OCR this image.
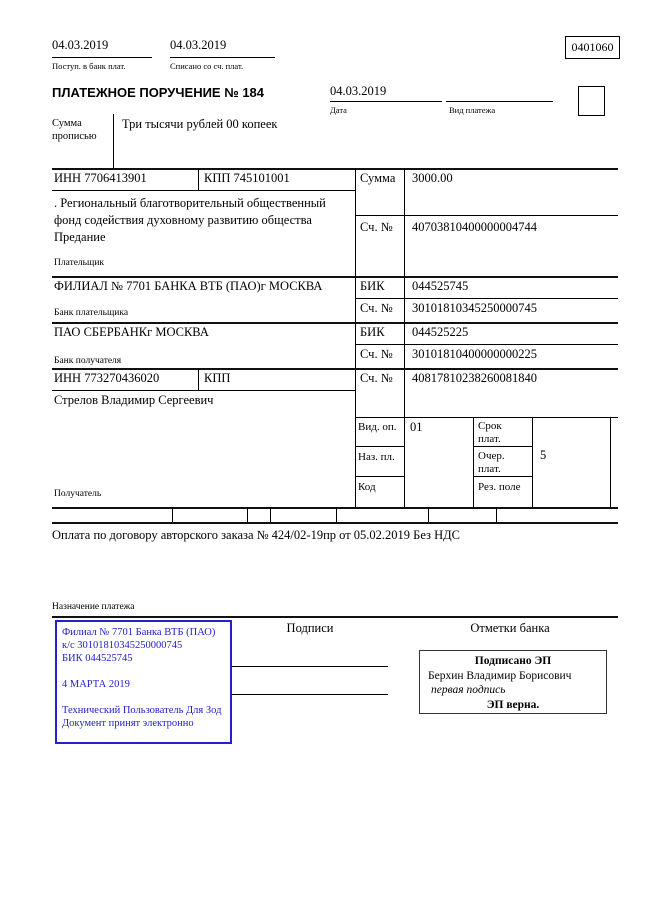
04.03.2019
Поступ. в банк плат.
04.03.2019
Списано со сч. плат.
0401060
ПЛАТЕЖНОЕ ПОРУЧЕНИЕ № 184	04.03.2019
Дата	Вид платежа
Сумма прописью
Три тысячи рублей 00 копеек
ИНН 7706413901	КПП 745101001	Сумма 3000.00
. Региональный благотворительный общественный фонд содействия духовному развитию общества Предание
Сч. № 40703810400000004744
Плательщик
ФИЛИАЛ № 7701 БАНКА ВТБ (ПАО)г МОСКВА	БИК 044525745
Сч. № 30101810345250000745
Банк плательщика
ПАО СБЕРБАНКг МОСКВА	БИК 044525225
Сч. № 30101810400000000225
Банк получателя
ИНН 773270436020	КПП	Сч. № 40817810238260081840
Стрелов Владимир Сергеевич
Получатель
Вид. оп. 01	Срок плат.
Наз. пл.	Очер. плат.
5
Код	Рез. поле
Оплата по договору авторского заказа № 424/02-19пр от 05.02.2019 Без НДС
Назначение платежа
Подписи	Отметки банка
Филиал № 7701 Банка ВТБ (ПАО)
к/с 30101810345250000745
БИК 044525745
4 МАРТА 2019
Технический Пользователь Для Зод
Документ принят электронно
Подписано ЭП
Берхин Владимир Борисович
первая подпись
ЭП верна.
